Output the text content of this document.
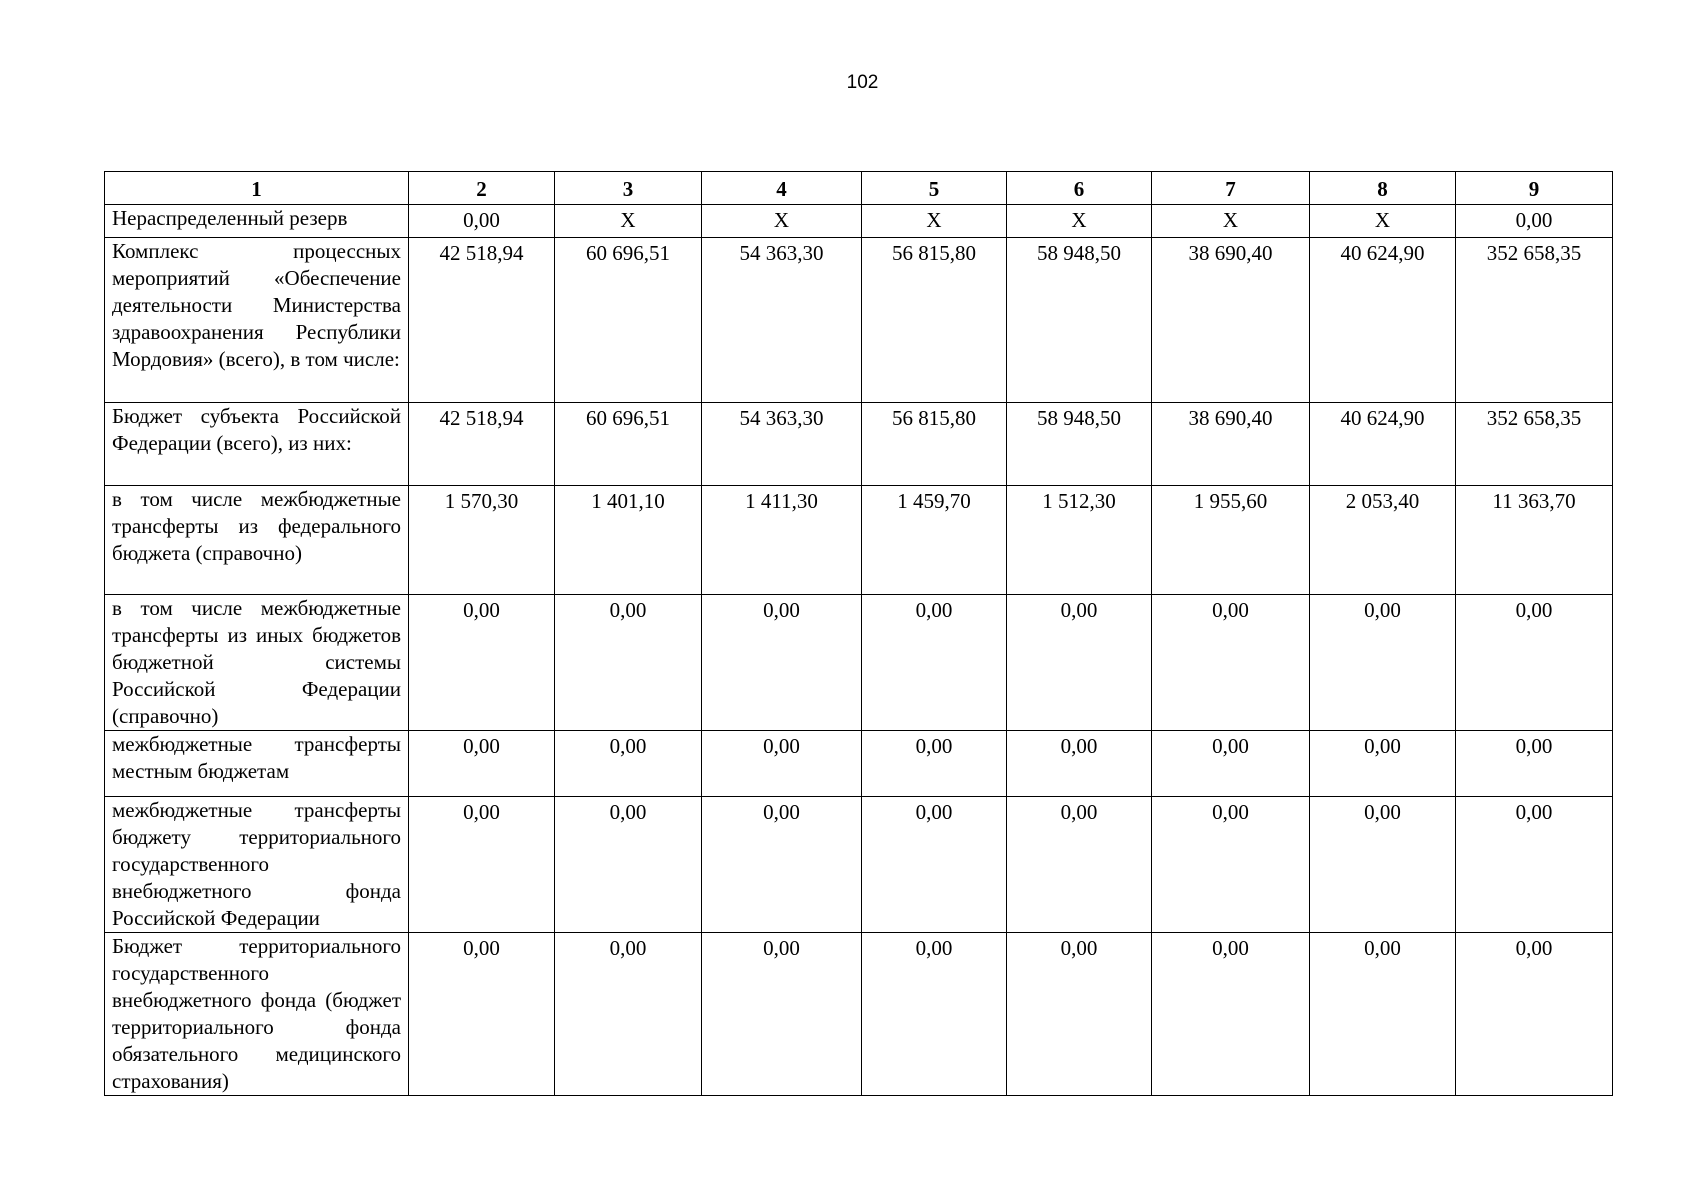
102
1	2	3	4	5	6	7	8	9
Нераспределенный резерв	0,00	Х	Х	Х	Х	Х	Х	0,00
Комплекс процессных мероприятий «Обеспечение деятельности Министерства здравоохранения Республики Мордовия» (всего), в том числе:	42 518,94	60 696,51	54 363,30	56 815,80	58 948,50	38 690,40	40 624,90	352 658,35
Бюджет субъекта Российской Федерации (всего), из них:	42 518,94	60 696,51	54 363,30	56 815,80	58 948,50	38 690,40	40 624,90	352 658,35
в том числе межбюджетные трансферты из федерального бюджета (справочно)	1 570,30	1 401,10	1 411,30	1 459,70	1 512,30	1 955,60	2 053,40	11 363,70
в том числе межбюджетные трансферты из иных бюджетов бюджетной системы Российской Федерации (справочно)	0,00	0,00	0,00	0,00	0,00	0,00	0,00	0,00
межбюджетные трансферты местным бюджетам	0,00	0,00	0,00	0,00	0,00	0,00	0,00	0,00
межбюджетные трансферты бюджету территориального государственного внебюджетного фонда Российской Федерации	0,00	0,00	0,00	0,00	0,00	0,00	0,00	0,00
Бюджет территориального государственного внебюджетного фонда (бюджет территориального фонда обязательного медицинского страхования)	0,00	0,00	0,00	0,00	0,00	0,00	0,00	0,00
